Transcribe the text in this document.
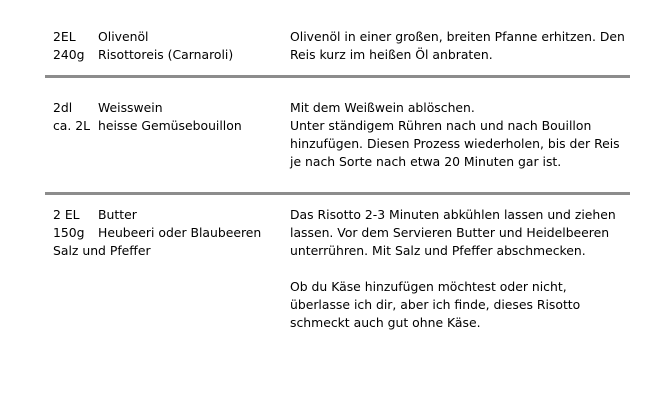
2EL Olivenöl
240g Risottoreis (Carnaroli)

Olivenöl in einer großen, breiten Pfanne erhitzen. Den
Reis kurz im heißen Öl anbraten.

2dl Weisswein
ca. 2L heisse Gemüsebouillon

Mit dem Weißwein ablöschen.
Unter ständigem Rühren nach und nach Bouillon
hinzufügen. Diesen Prozess wiederholen, bis der Reis
je nach Sorte nach etwa 20 Minuten gar ist.

2 EL Butter
150g Heubeeri oder Blaubeeren
Salz und Pfeffer

Das Risotto 2-3 Minuten abkühlen lassen und ziehen
lassen. Vor dem Servieren Butter und Heidelbeeren
unterrühren. Mit Salz und Pfeffer abschmecken.

Ob du Käse hinzufügen möchtest oder nicht,
überlasse ich dir, aber ich finde, dieses Risotto
schmeckt auch gut ohne Käse.
